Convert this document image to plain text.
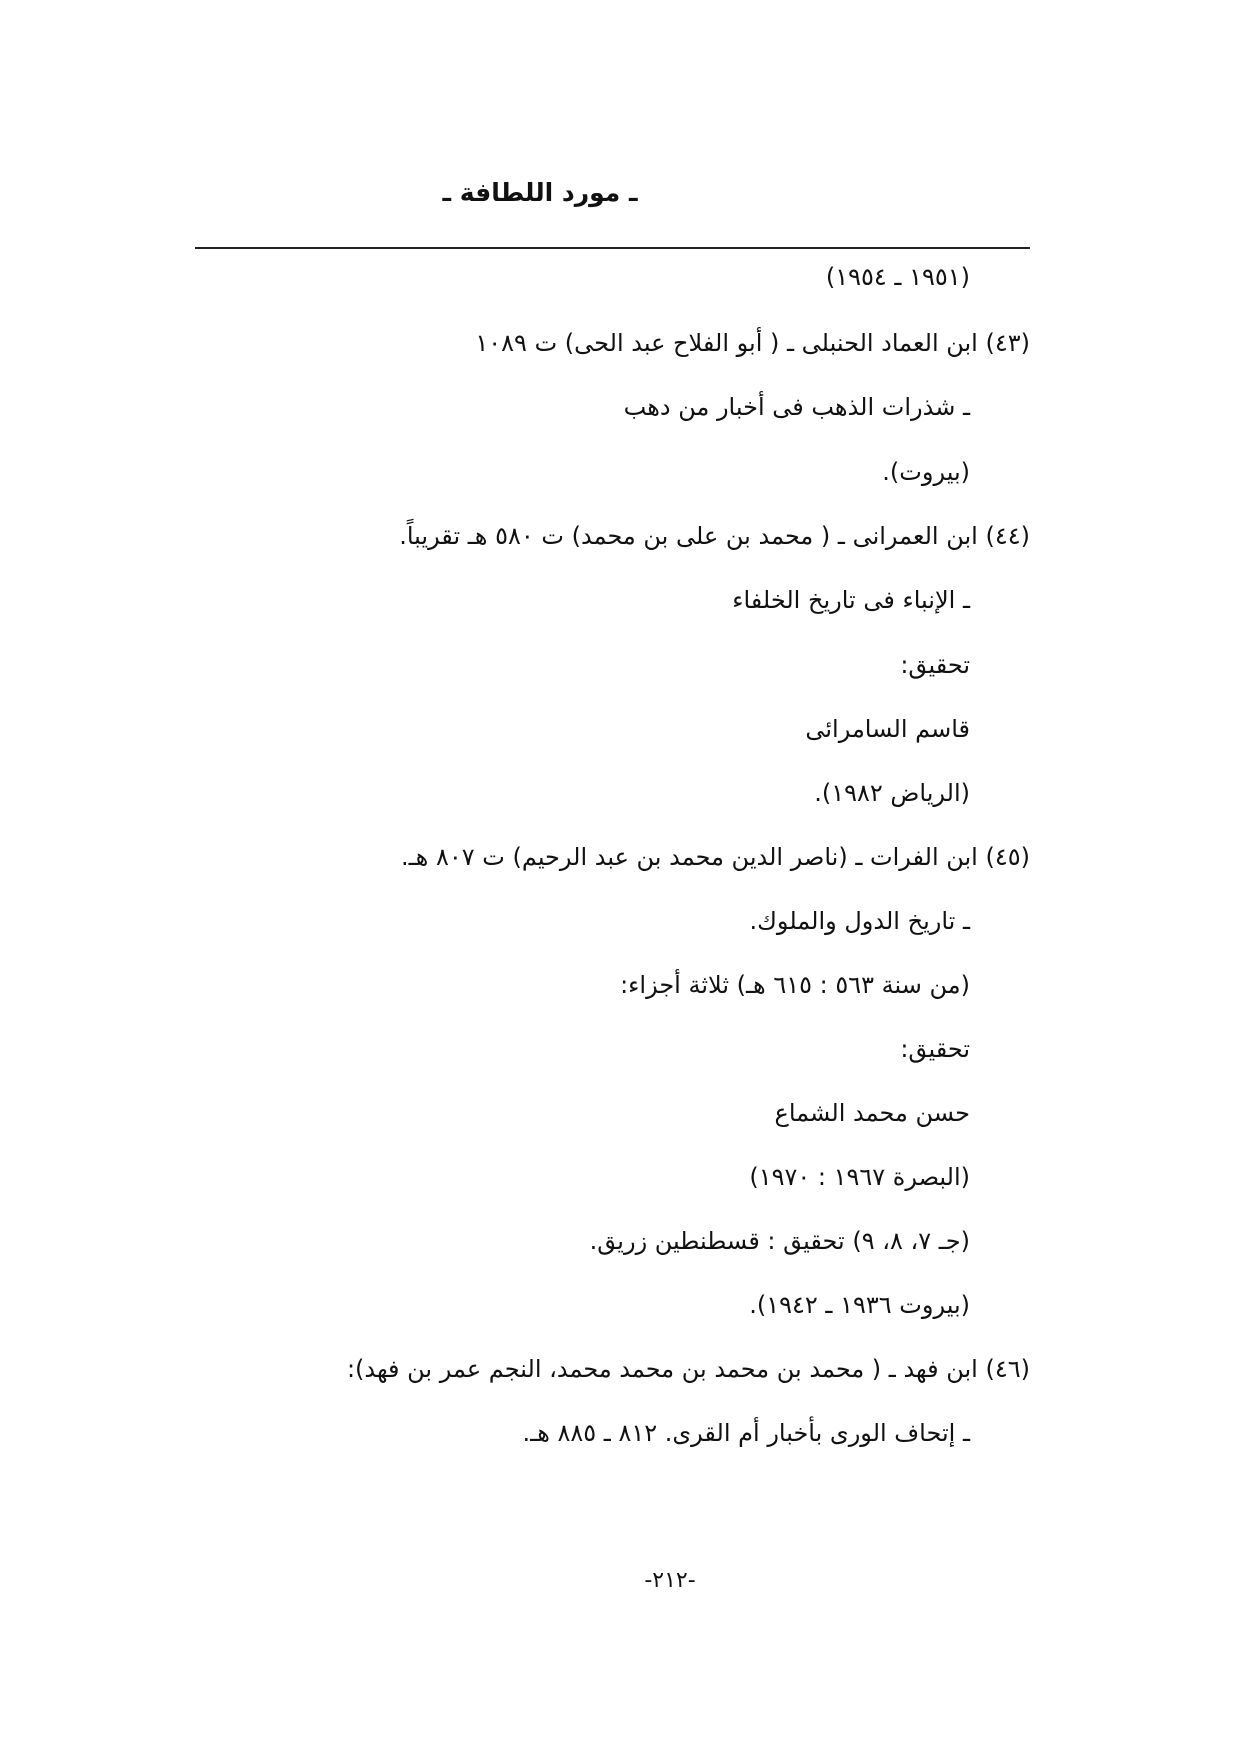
ـ مورد اللطافة ـ
(١٩٥١ ـ ١٩٥٤)
(٤٣) ابن العماد الحنبلى ـ ( أبو الفلاح عبد الحى) ت ١٠٨٩
ـ شذرات الذهب فى أخبار من دهب
(بيروت).
(٤٤) ابن العمرانى ـ ( محمد بن على بن محمد) ت ٥٨٠ هـ تقريباً.
ـ الإنباء فى تاريخ الخلفاء
تحقيق:
قاسم السامرائى
(الرياض ١٩٨٢).
(٤٥) ابن الفرات ـ (ناصر الدين محمد بن عبد الرحيم) ت ٨٠٧ هـ.
ـ تاريخ الدول والملوك.
(من سنة ٥٦٣ : ٦١٥ هـ) ثلاثة أجزاء:
تحقيق:
حسن محمد الشماع
(البصرة ١٩٦٧ : ١٩٧٠)
(جـ ٧، ٨، ٩) تحقيق : قسطنطين زريق.
(بيروت ١٩٣٦ ـ ١٩٤٢).
(٤٦) ابن فهد ـ ( محمد بن محمد بن محمد محمد، النجم عمر بن فهد):
ـ إتحاف الورى بأخبار أم القرى. ٨١٢ ـ ٨٨٥ هـ.
-٢١٢-
